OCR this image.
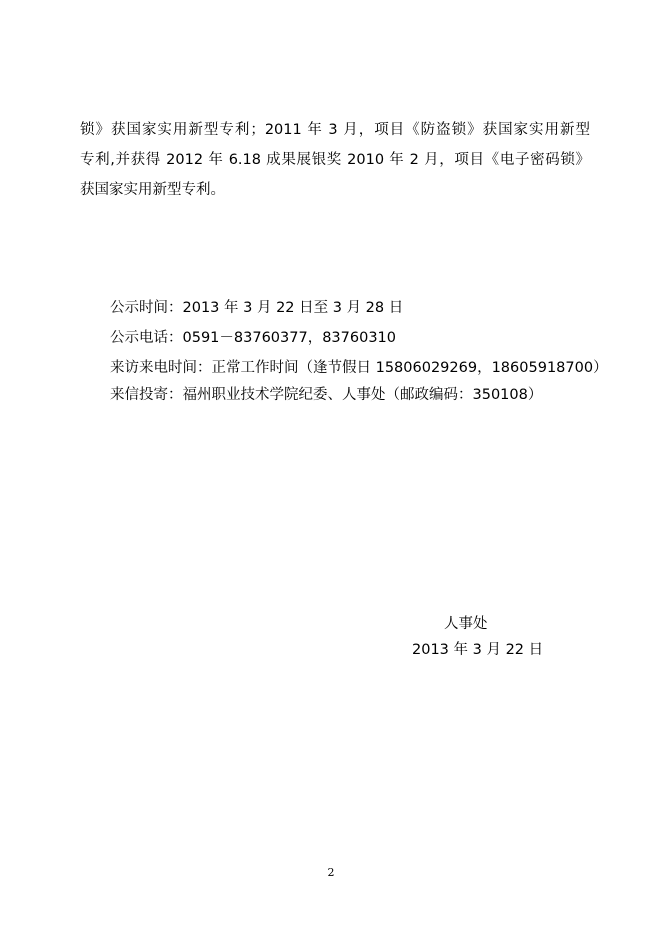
锁》获国家实用新型专利；2011 年 3 月，项目《防盗锁》获国家实用新型
专利,并获得 2012 年 6.18 成果展银奖 2010 年 2 月，项目《电子密码锁》
获国家实用新型专利。
公示时间：2013 年 3 月 22 日至 3 月 28 日
公示电话：0591－83760377，83760310
来访来电时间：正常工作时间（逢节假日 15806029269，18605918700）
来信投寄：福州职业技术学院纪委、人事处（邮政编码：350108）
人事处
2013 年 3 月 22 日
2
